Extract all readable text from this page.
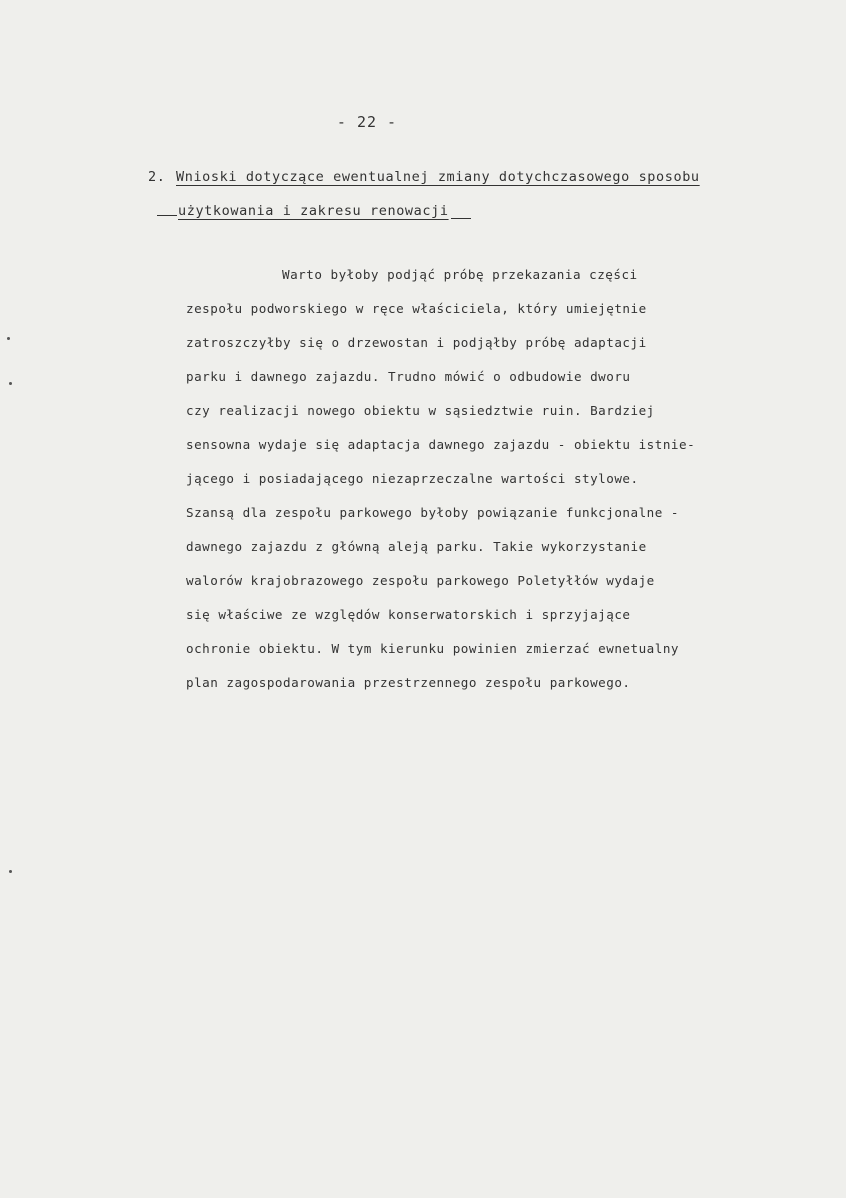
- 22 -
2. Wnioski dotyczące ewentualnej zmiany dotychczasowego sposobu
użytkowania i zakresu renowacji
Warto byłoby podjąć próbę przekazania części
zespołu podworskiego w ręce właściciela, który umiejętnie
zatroszczyłby się o drzewostan i podjąłby próbę adaptacji
parku i dawnego zajazdu. Trudno mówić o odbudowie dworu
czy realizacji nowego obiektu w sąsiedztwie ruin. Bardziej
sensowna wydaje się adaptacja dawnego zajazdu - obiektu istnie-
jącego i posiadającego niezaprzeczalne wartości stylowe.
Szansą dla zespołu parkowego byłoby powiązanie funkcjonalne -
dawnego zajazdu z główną aleją parku. Takie wykorzystanie
walorów krajobrazowego zespołu parkowego Poletyłłów wydaje
się właściwe ze względów konserwatorskich i sprzyjające
ochronie obiektu. W tym kierunku powinien zmierzać ewnetualny
plan zagospodarowania przestrzennego zespołu parkowego.
